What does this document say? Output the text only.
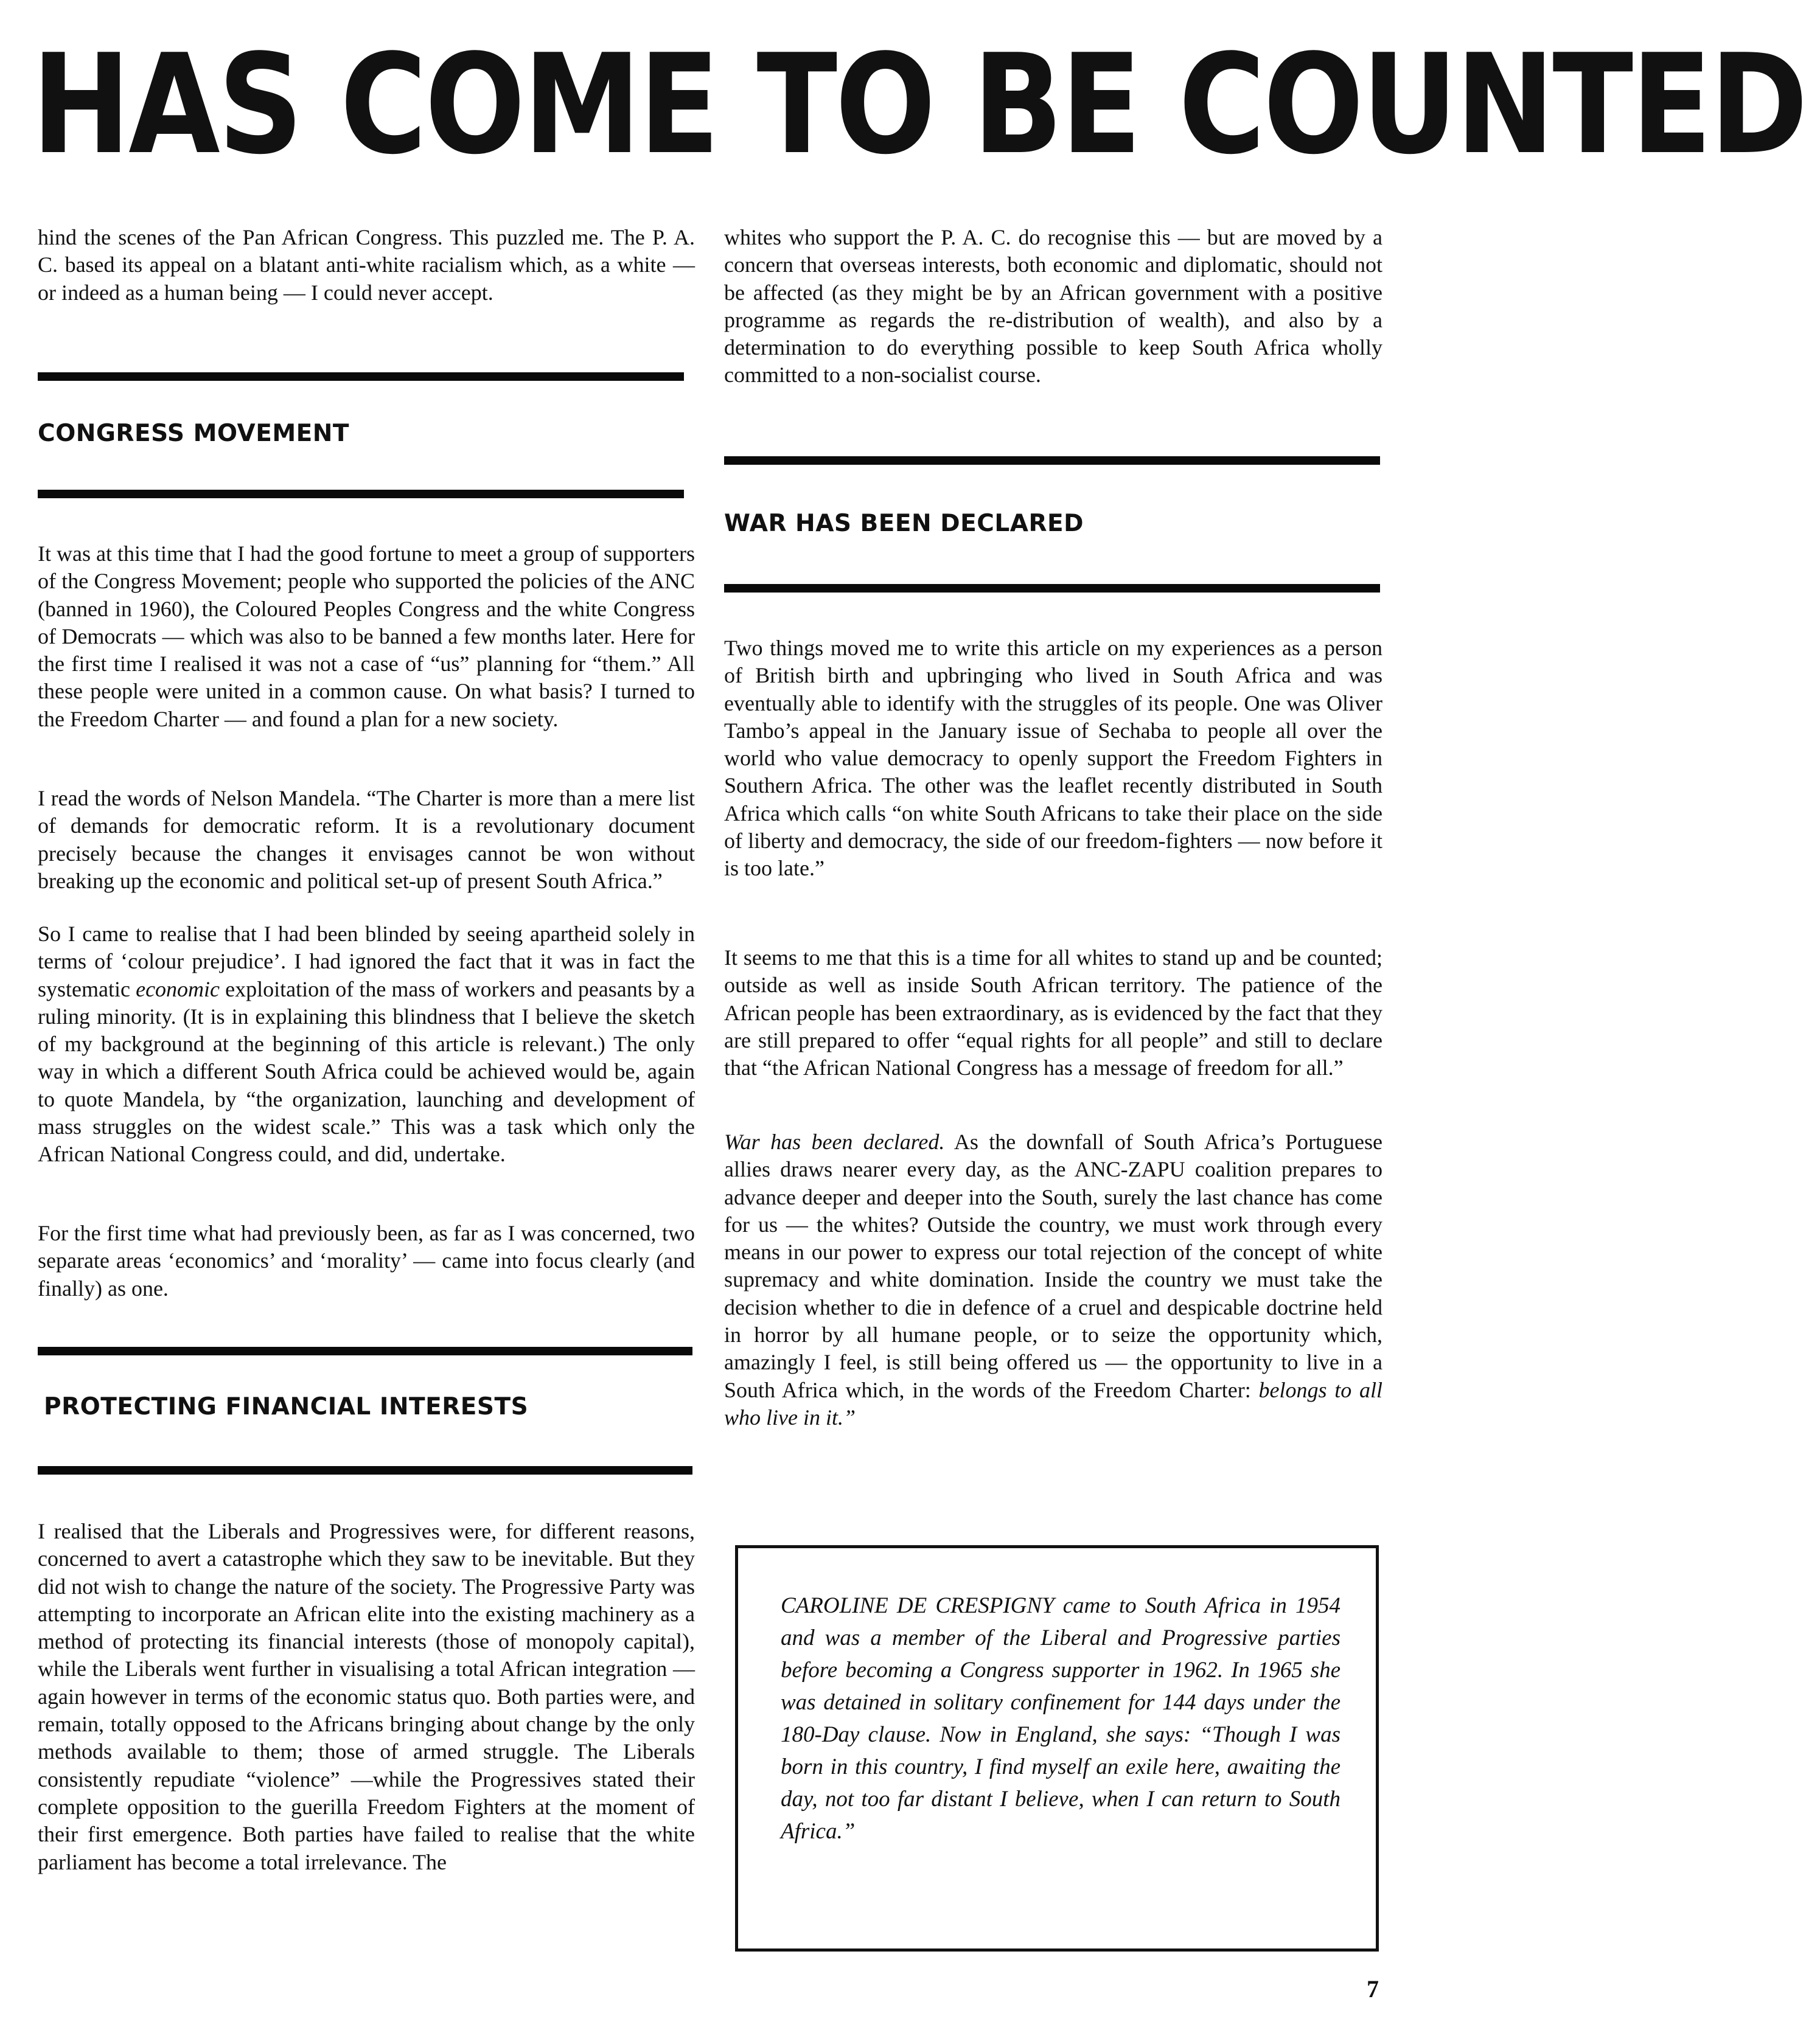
HAS COME TO BE COUNTED

hind the scenes of the Pan African Congress. This puzzled me. The P. A. C. based its appeal on a blatant anti-white racialism which, as a white — or indeed as a human being — I could never accept.

CONGRESS MOVEMENT

It was at this time that I had the good fortune to meet a group of supporters of the Congress Movement; people who supported the policies of the ANC (banned in 1960), the Coloured Peoples Congress and the white Congress of Democrats — which was also to be banned a few months later. Here for the first time I realised it was not a case of “us” planning for “them.” All these people were united in a common cause. On what basis? I turned to the Freedom Charter — and found a plan for a new society.

I read the words of Nelson Mandela. “The Charter is more than a mere list of demands for democratic reform. It is a revolutionary document precisely because the changes it envisages cannot be won without breaking up the economic and political set-up of present South Africa.”

So I came to realise that I had been blinded by seeing apartheid solely in terms of ‘colour prejudice’. I had ignored the fact that it was in fact the systematic economic exploitation of the mass of workers and peasants by a ruling minority. (It is in explaining this blindness that I believe the sketch of my background at the beginning of this article is relevant.) The only way in which a different South Africa could be achieved would be, again to quote Mandela, by “the organization, launching and development of mass struggles on the widest scale.” This was a task which only the African National Congress could, and did, undertake.

For the first time what had previously been, as far as I was concerned, two separate areas ‘economics’ and ‘morality’ — came into focus clearly (and finally) as one.

PROTECTING FINANCIAL INTERESTS

I realised that the Liberals and Progressives were, for different reasons, concerned to avert a catastrophe which they saw to be inevitable. But they did not wish to change the nature of the society. The Progressive Party was attempting to incorporate an African elite into the existing machinery as a method of protecting its financial interests (those of monopoly capital), while the Liberals went further in visualising a total African integration — again however in terms of the economic status quo. Both parties were, and remain, totally opposed to the Africans bringing about change by the only methods available to them; those of armed struggle. The Liberals consistently repudiate “violence” —while the Progressives stated their complete opposition to the guerilla Freedom Fighters at the moment of their first emergence. Both parties have failed to realise that the white parliament has become a total irrelevance. The

whites who support the P. A. C. do recognise this — but are moved by a concern that overseas interests, both economic and diplomatic, should not be affected (as they might be by an African government with a positive programme as regards the re-distribution of wealth), and also by a determination to do everything possible to keep South Africa wholly committed to a non-socialist course.

WAR HAS BEEN DECLARED

Two things moved me to write this article on my experiences as a person of British birth and upbringing who lived in South Africa and was eventually able to identify with the struggles of its people. One was Oliver Tambo’s appeal in the January issue of Sechaba to people all over the world who value democracy to openly support the Freedom Fighters in Southern Africa. The other was the leaflet recently distributed in South Africa which calls “on white South Africans to take their place on the side of liberty and democracy, the side of our freedom-fighters — now before it is too late.”

It seems to me that this is a time for all whites to stand up and be counted; outside as well as inside South African territory. The patience of the African people has been extraordinary, as is evidenced by the fact that they are still prepared to offer “equal rights for all people” and still to declare that “the African National Congress has a message of freedom for all.”

War has been declared. As the downfall of South Africa’s Portuguese allies draws nearer every day, as the ANC-ZAPU coalition prepares to advance deeper and deeper into the South, surely the last chance has come for us — the whites? Outside the country, we must work through every means in our power to express our total rejection of the concept of white supremacy and white domination. Inside the country we must take the decision whether to die in defence of a cruel and despicable doctrine held in horror by all humane people, or to seize the opportunity which, amazingly I feel, is still being offered us — the opportunity to live in a South Africa which, in the words of the Freedom Charter: belongs to all who live in it.”

CAROLINE DE CRESPIGNY came to South Africa in 1954 and was a member of the Liberal and Progressive parties before becoming a Congress supporter in 1962. In 1965 she was detained in solitary confinement for 144 days under the 180-Day clause. Now in England, she says: “Though I was born in this country, I find myself an exile here, awaiting the day, not too far distant I believe, when I can return to South Africa.”

7
